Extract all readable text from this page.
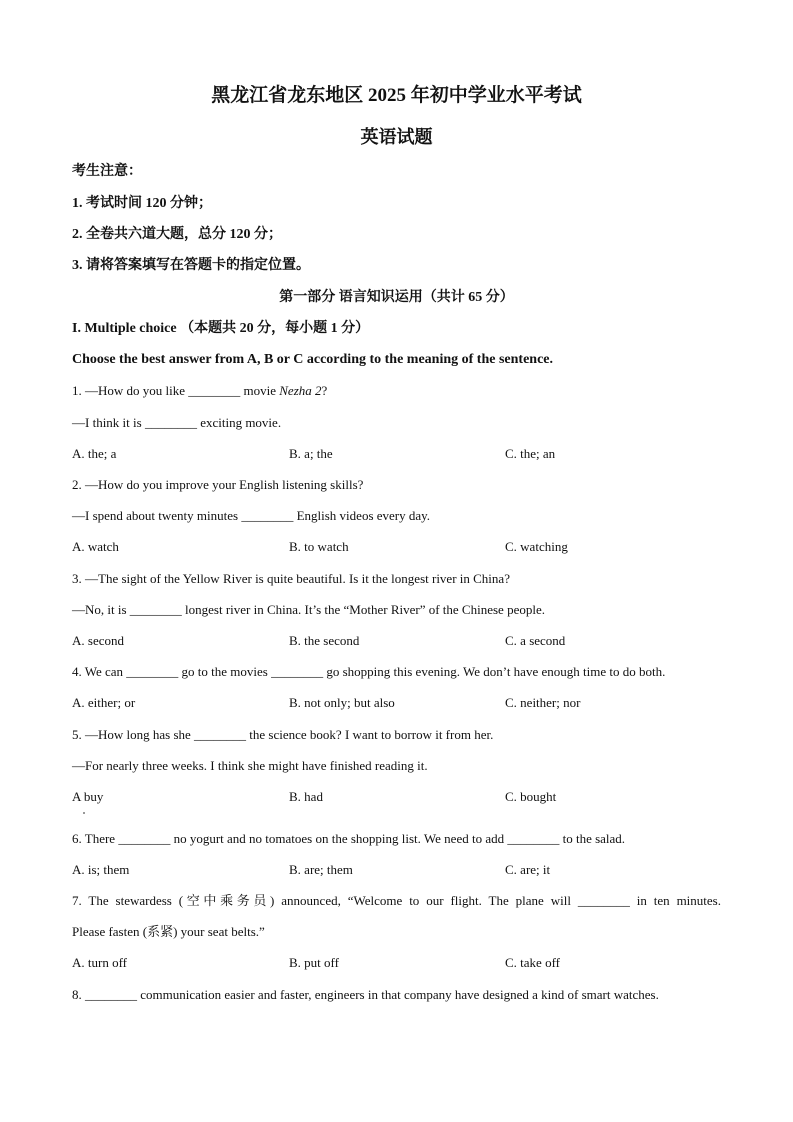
黑龙江省龙东地区 2025 年初中学业水平考试
英语试题
考生注意：
1. 考试时间 120 分钟；
2. 全卷共六道大题，总分 120 分；
3. 请将答案填写在答题卡的指定位置。
第一部分 语言知识运用（共计 65 分）
I. Multiple choice （本题共 20 分，每小题 1 分）
Choose the best answer from A, B or C according to the meaning of the sentence.
1. —How do you like ________ movie Nezha 2?
—I think it is ________ exciting movie.
A. the; a	B. a; the	C. the; an
2. —How do you improve your English listening skills?
—I spend about twenty minutes ________ English videos every day.
A. watch	B. to watch	C. watching
3. —The sight of the Yellow River is quite beautiful. Is it the longest river in China?
—No, it is ________ longest river in China. It’s the “Mother River” of the Chinese people.
A. second	B. the second	C. a second
4. We can ________ go to the movies ________ go shopping this evening. We don’t have enough time to do both.
A. either; or	B. not only; but also	C. neither; nor
5. —How long has she ________ the science book? I want to borrow it from her.
—For nearly three weeks. I think she might have finished reading it.
A buy	B. had	C. bought
6. There ________ no yogurt and no tomatoes on the shopping list. We need to add ________ to the salad.
A. is; them	B. are; them	C. are; it
7. The stewardess (空中乘务员) announced, “Welcome to our flight. The plane will ________ in ten minutes.
Please fasten (系紧) your seat belts.”
A. turn off	B. put off	C. take off
8. ________ communication easier and faster, engineers in that company have designed a kind of smart watches.
